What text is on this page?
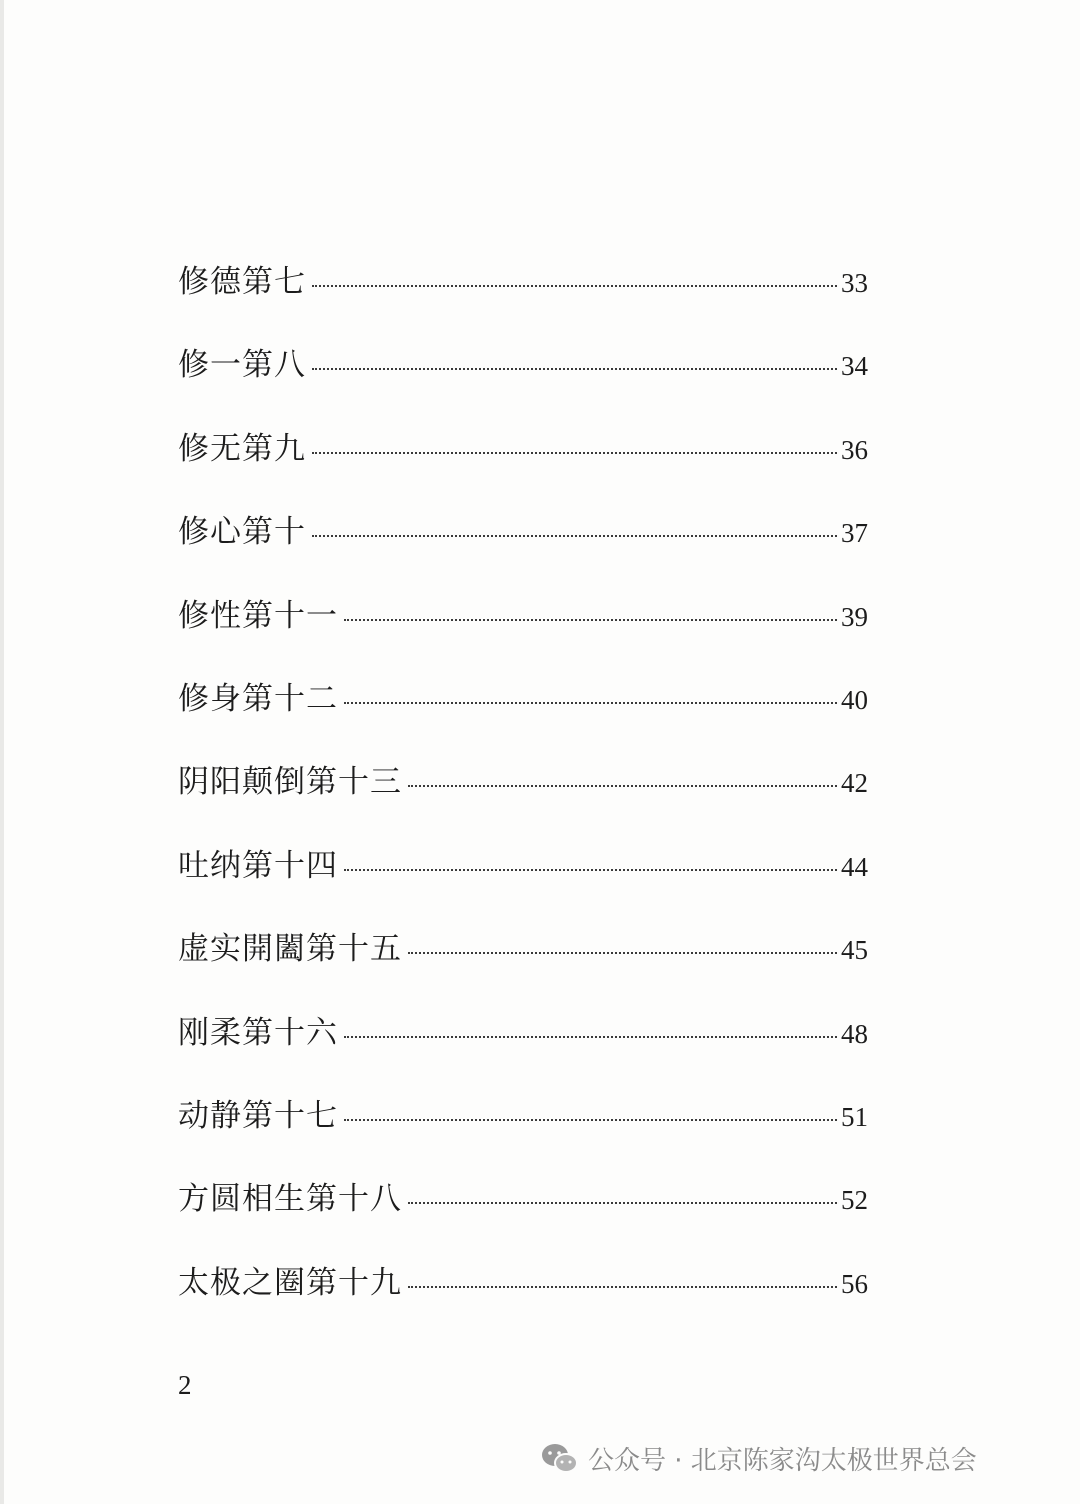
修德第七	33
修一第八	34
修无第九	36
修心第十	37
修性第十一	39
修身第十二	40
阴阳颠倒第十三	42
吐纳第十四	44
虚实開闔第十五	45
刚柔第十六	48
动静第十七	51
方圆相生第十八	52
太极之圈第十九	56
2
公众号 · 北京陈家沟太极世界总会
